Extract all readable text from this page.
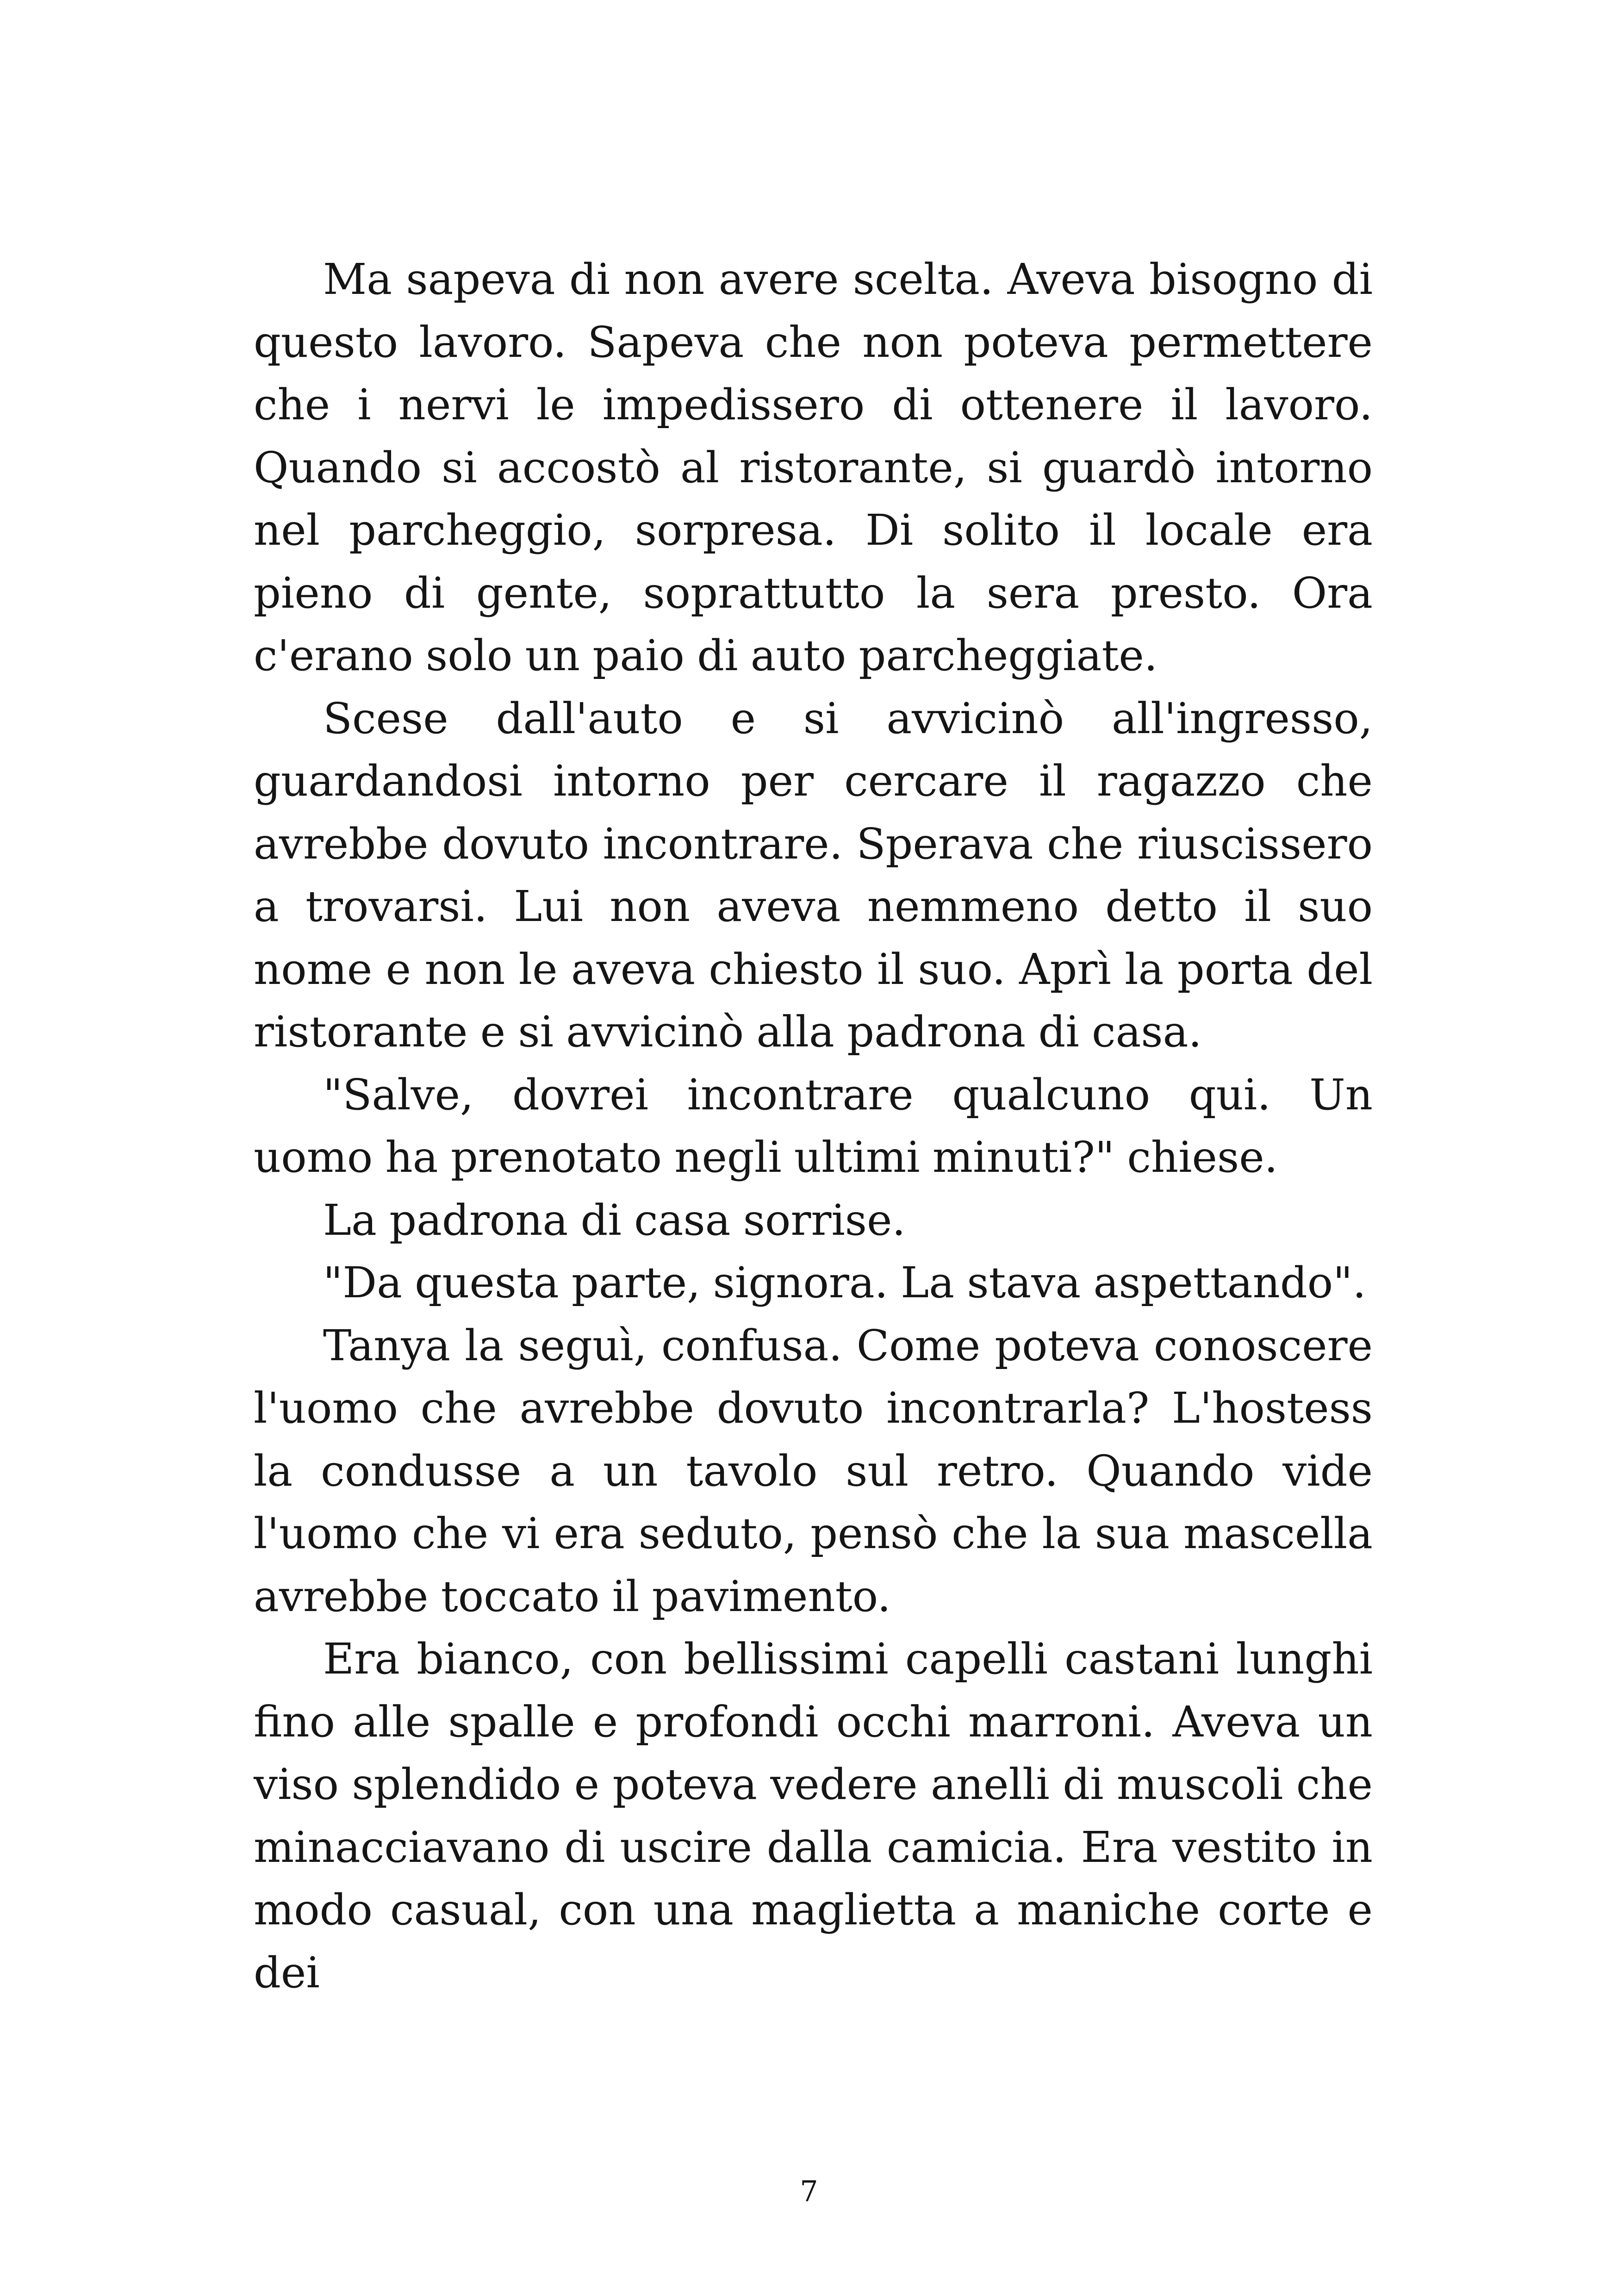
Ma sapeva di non avere scelta. Aveva bisogno di questo lavoro. Sapeva che non poteva permettere che i nervi le impedissero di ottenere il lavoro. Quando si accostò al ristorante, si guardò intorno nel parcheggio, sorpresa. Di solito il locale era pieno di gente, soprattutto la sera presto. Ora c'erano solo un paio di auto parcheggiate.

Scese dall'auto e si avvicinò all'ingresso, guardandosi intorno per cercare il ragazzo che avrebbe dovuto incontrare. Sperava che riuscissero a trovarsi. Lui non aveva nemmeno detto il suo nome e non le aveva chiesto il suo. Aprì la porta del ristorante e si avvicinò alla padrona di casa.

"Salve, dovrei incontrare qualcuno qui. Un uomo ha prenotato negli ultimi minuti?" chiese.

La padrona di casa sorrise.

"Da questa parte, signora. La stava aspettando".

Tanya la seguì, confusa. Come poteva conoscere l'uomo che avrebbe dovuto incontrarla? L'hostess la condusse a un tavolo sul retro. Quando vide l'uomo che vi era seduto, pensò che la sua mascella avrebbe toccato il pavimento.

Era bianco, con bellissimi capelli castani lunghi fino alle spalle e profondi occhi marroni. Aveva un viso splendido e poteva vedere anelli di muscoli che minacciavano di uscire dalla camicia. Era vestito in modo casual, con una maglietta a maniche corte e dei

7
